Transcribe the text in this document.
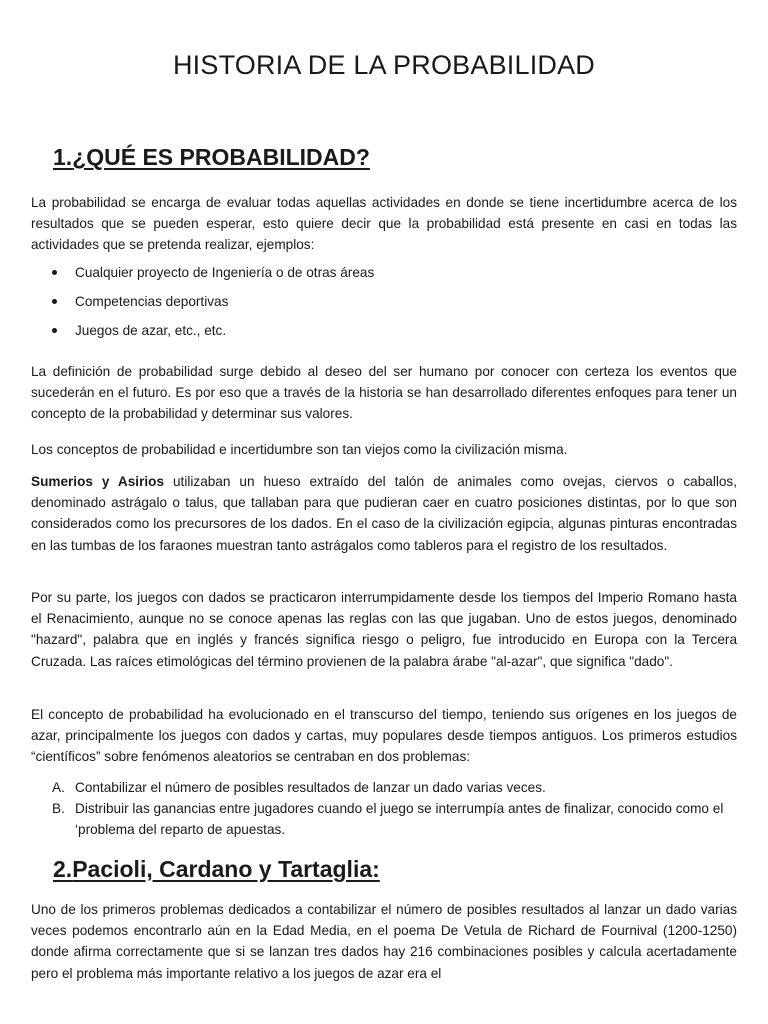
HISTORIA DE LA PROBABILIDAD
1.¿QUÉ ES PROBABILIDAD?

La probabilidad se encarga de evaluar todas aquellas actividades en donde se tiene incertidumbre acerca de los resultados que se pueden esperar, esto quiere decir que la probabilidad está presente en casi en todas las actividades que se pretenda realizar, ejemplos:

Cualquier proyecto de Ingeniería o de otras áreas
Competencias deportivas
Juegos de azar, etc., etc.

La definición de probabilidad surge debido al deseo del ser humano por conocer con certeza los eventos que sucederán en el futuro. Es por eso que a través de la historia se han desarrollado diferentes enfoques para tener un concepto de la probabilidad y determinar sus valores.

Los conceptos de probabilidad e incertidumbre son tan viejos como la civilización misma.

Sumerios y Asirios utilizaban un hueso extraído del talón de animales como ovejas, ciervos o caballos, denominado astrágalo o talus, que tallaban para que pudieran caer en cuatro posiciones distintas, por lo que son considerados como los precursores de los dados. En el caso de la civilización egipcia, algunas pinturas encontradas en las tumbas de los faraones muestran tanto astrágalos como tableros para el registro de los resultados.

Por su parte, los juegos con dados se practicaron interrumpidamente desde los tiempos del Imperio Romano hasta el Renacimiento, aunque no se conoce apenas las reglas con las que jugaban. Uno de estos juegos, denominado "hazard", palabra que en inglés y francés significa riesgo o peligro, fue introducido en Europa con la Tercera Cruzada. Las raíces etimológicas del término provienen de la palabra árabe "al-azar", que significa "dado".

El concepto de probabilidad ha evolucionado en el transcurso del tiempo, teniendo sus orígenes en los juegos de azar, principalmente los juegos con dados y cartas, muy populares desde tiempos antiguos. Los primeros estudios “científicos” sobre fenómenos aleatorios se centraban en dos problemas:

A. Contabilizar el número de posibles resultados de lanzar un dado varias veces.
B. Distribuir las ganancias entre jugadores cuando el juego se interrumpía antes de finalizar, conocido como el ‘problema del reparto de apuestas.
2.Pacioli, Cardano y Tartaglia:

Uno de los primeros problemas dedicados a contabilizar el número de posibles resultados al lanzar un dado varias veces podemos encontrarlo aún en la Edad Media, en el poema De Vetula de Richard de Fournival (1200-1250) donde afirma correctamente que si se lanzan tres dados hay 216 combinaciones posibles y calcula acertadamente pero el problema más importante relativo a los juegos de azar era el
